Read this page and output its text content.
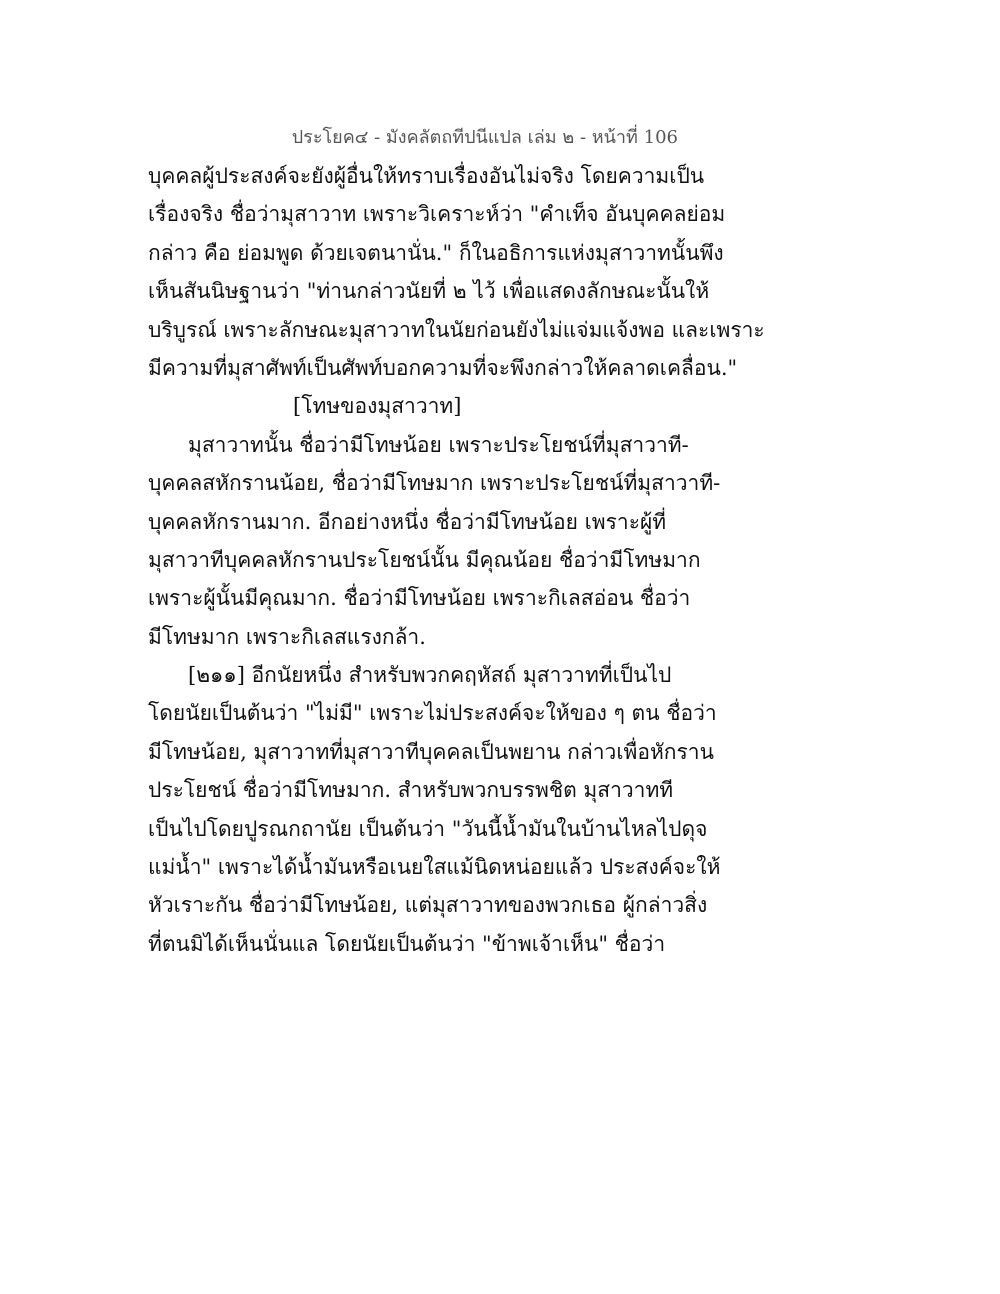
ประโยค๔ - มังคลัตถทีปนีแปล เล่ม ๒ - หน้าที่ 106
บุคคลผู้ประสงค์จะยังผู้อื่นให้ทราบเรื่องอันไม่จริง โดยความเป็น
เรื่องจริง ชื่อว่ามุสาวาท เพราะวิเคราะห์ว่า "คำเท็จ อันบุคคลย่อม
กล่าว คือ ย่อมพูด ด้วยเจตนานั่น." ก็ในอธิการแห่งมุสาวาทนั้นพึง
เห็นสันนิษฐานว่า "ท่านกล่าวนัยที่ ๒ ไว้ เพื่อแสดงลักษณะนั้นให้
บริบูรณ์ เพราะลักษณะมุสาวาทในนัยก่อนยังไม่แจ่มแจ้งพอ และเพราะ
มีความที่มุสาศัพท์เป็นศัพท์บอกความที่จะพึงกล่าวให้คลาดเคลื่อน."
[โทษของมุสาวาท]
มุสาวาทนั้น ชื่อว่ามีโทษน้อย เพราะประโยชน์ที่มุสาวาที-
บุคคลสหักรานน้อย, ชื่อว่ามีโทษมาก เพราะประโยชน์ที่มุสาวาที-
บุคคลหักรานมาก. อีกอย่างหนึ่ง ชื่อว่ามีโทษน้อย เพราะผู้ที่
มุสาวาทีบุคคลหักรานประโยชน์นั้น มีคุณน้อย ชื่อว่ามีโทษมาก
เพราะผู้นั้นมีคุณมาก. ชื่อว่ามีโทษน้อย เพราะกิเลสอ่อน ชื่อว่า
มีโทษมาก เพราะกิเลสแรงกล้า.
[๒๑๑] อีกนัยหนึ่ง สำหรับพวกคฤหัสถ์ มุสาวาทที่เป็นไป
โดยนัยเป็นต้นว่า "ไม่มี" เพราะไม่ประสงค์จะให้ของ ๆ ตน ชื่อว่า
มีโทษน้อย, มุสาวาทที่มุสาวาทีบุคคลเป็นพยาน กล่าวเพื่อหักราน
ประโยชน์ ชื่อว่ามีโทษมาก. สำหรับพวกบรรพชิต มุสาวาทที
เป็นไปโดยปูรณกถานัย เป็นต้นว่า "วันนี้น้ำมันในบ้านไหลไปดุจ
แม่น้ำ" เพราะได้น้ำมันหรือเนยใสแม้นิดหน่อยแล้ว ประสงค์จะให้
หัวเราะกัน ชื่อว่ามีโทษน้อย, แต่มุสาวาทของพวกเธอ ผู้กล่าวสิ่ง
ที่ตนมิได้เห็นนั่นแล โดยนัยเป็นต้นว่า "ข้าพเจ้าเห็น" ชื่อว่า
